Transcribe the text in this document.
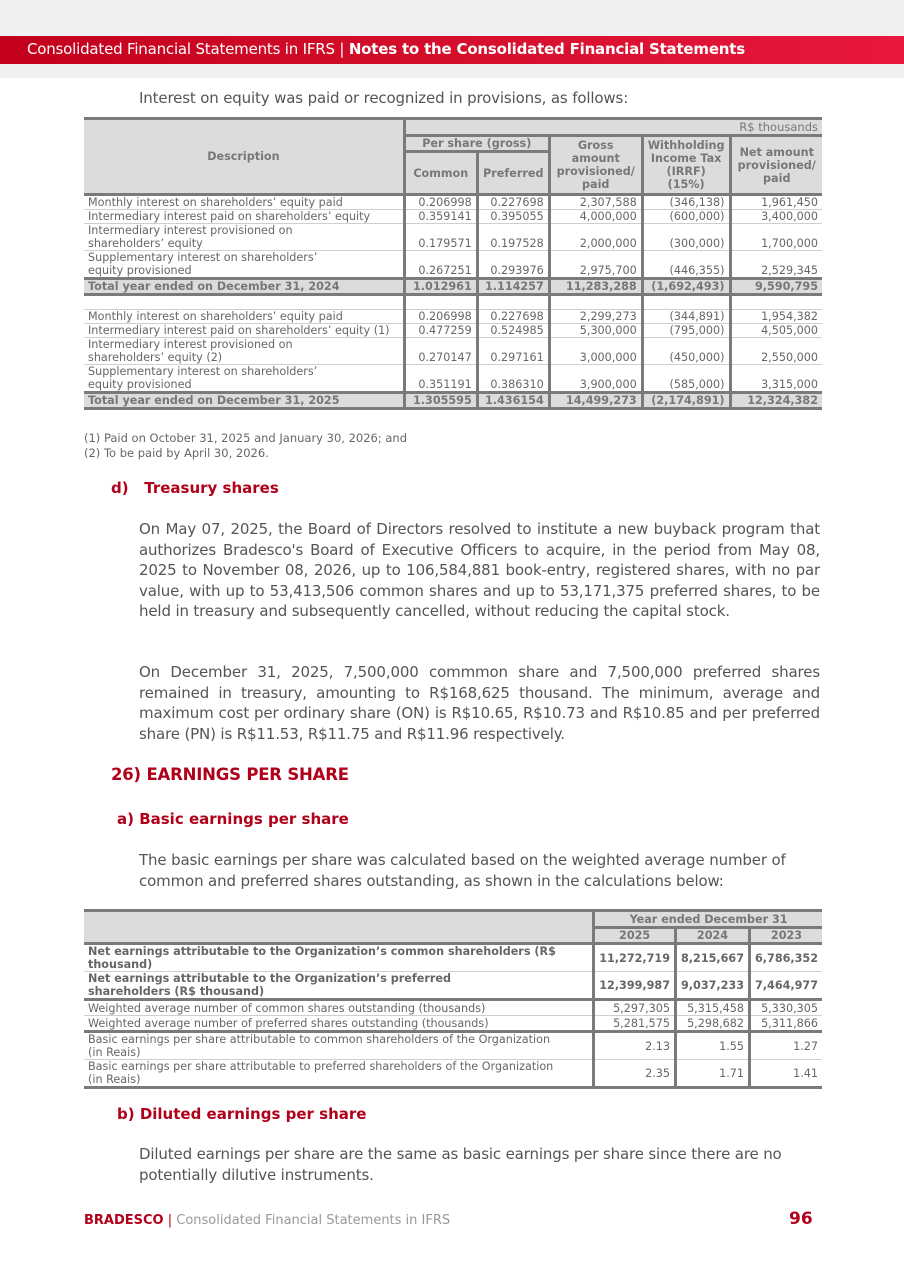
Consolidated Financial Statements in IFRS | Notes to the Consolidated Financial Statements
Interest on equity was paid or recognized in provisions, as follows:
Description	R$ thousands				
	Per share (gross)		Gross amount provisioned/ paid	Withholding Income Tax (IRRF) (15%)	Net amount provisioned/ paid
	Common	Preferred			
Monthly interest on shareholders’ equity paid	0.206998	0.227698	2,307,588	(346,138)	1,961,450
Intermediary interest paid on shareholders’ equity	0.359141	0.395055	4,000,000	(600,000)	3,400,000
Intermediary interest provisioned on shareholders’ equity	0.179571	0.197528	2,000,000	(300,000)	1,700,000
Supplementary interest on shareholders’ equity provisioned	0.267251	0.293976	2,975,700	(446,355)	2,529,345
Total year ended on December 31, 2024	1.012961	1.114257	11,283,288	(1,692,493)	9,590,795

Monthly interest on shareholders’ equity paid	0.206998	0.227698	2,299,273	(344,891)	1,954,382
Intermediary interest paid on shareholders’ equity (1)	0.477259	0.524985	5,300,000	(795,000)	4,505,000
Intermediary interest provisioned on shareholders’ equity (2)	0.270147	0.297161	3,000,000	(450,000)	2,550,000
Supplementary interest on shareholders’ equity provisioned	0.351191	0.386310	3,900,000	(585,000)	3,315,000
Total year ended on December 31, 2025	1.305595	1.436154	14,499,273	(2,174,891)	12,324,382
(1) Paid on October 31, 2025 and January 30, 2026; and
(2) To be paid by April 30, 2026.
d)   Treasury shares
On May 07, 2025, the Board of Directors resolved to institute a new buyback program that authorizes Bradesco's Board of Executive Officers to acquire, in the period from May 08, 2025 to November 08, 2026, up to 106,584,881 book-entry, registered shares, with no par value, with up to 53,413,506 common shares and up to 53,171,375 preferred shares, to be held in treasury and subsequently cancelled, without reducing the capital stock.
On December 31, 2025, 7,500,000 commmon share and 7,500,000 preferred shares remained in treasury, amounting to R$168,625 thousand. The minimum, average and maximum cost per ordinary share (ON) is R$10.65, R$10.73 and R$10.85 and per preferred share (PN) is R$11.53, R$11.75 and R$11.96 respectively.
26) EARNINGS PER SHARE
a) Basic earnings per share
The basic earnings per share was calculated based on the weighted average number of common and preferred shares outstanding, as shown in the calculations below:
	Year ended December 31		
	2025	2024	2023
Net earnings attributable to the Organization’s common shareholders (R$ thousand)	11,272,719	8,215,667	6,786,352
Net earnings attributable to the Organization’s preferred shareholders (R$ thousand)	12,399,987	9,037,233	7,464,977
Weighted average number of common shares outstanding (thousands)	5,297,305	5,315,458	5,330,305
Weighted average number of preferred shares outstanding (thousands)	5,281,575	5,298,682	5,311,866
Basic earnings per share attributable to common shareholders of the Organization (in Reais)	2.13	1.55	1.27
Basic earnings per share attributable to preferred shareholders of the Organization (in Reais)	2.35	1.71	1.41
b) Diluted earnings per share
Diluted earnings per share are the same as basic earnings per share since there are no potentially dilutive instruments.
BRADESCO | Consolidated Financial Statements in IFRS	96
